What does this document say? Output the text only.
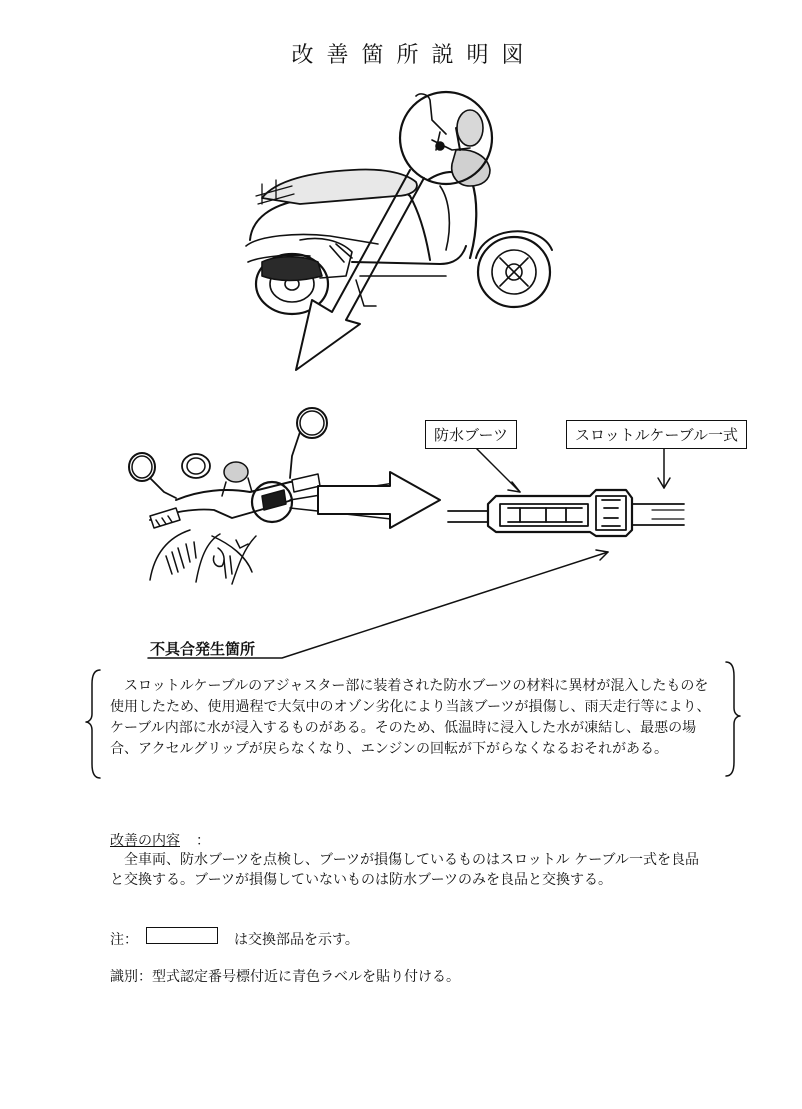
改善箇所説明図
防水ブーツ	スロットルケーブル一式
不具合発生箇所
スロットルケーブルのアジャスター部に装着された防水ブーツの材料に異材が混入したものを使用したため、使用過程で大気中のオゾン劣化により当該ブーツが損傷し、雨天走行等により、ケーブル内部に水が浸入するものがある。そのため、低温時に浸入した水が凍結し、最悪の場合、アクセルグリップが戻らなくなり、エンジンの回転が下がらなくなるおそれがある。
改善の内容 ：
全車両、防水ブーツを点検し、ブーツが損傷しているものはスロットル ケーブル一式を良品と交換する。ブーツが損傷していないものは防水ブーツのみを良品と交換する。
注：	は交換部品を示す。
識別：型式認定番号標付近に青色ラベルを貼り付ける。
